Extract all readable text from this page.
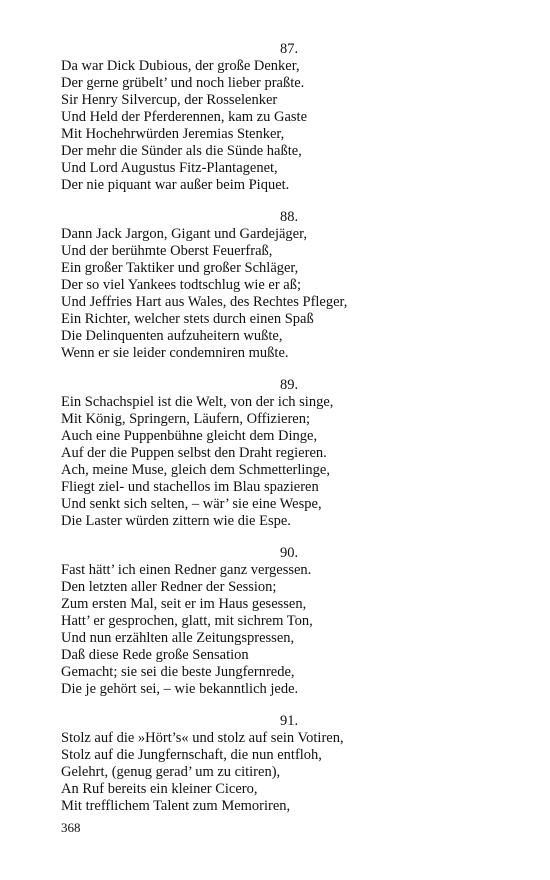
87.
Da war Dick Dubious, der große Denker,
Der gerne grübelt’ und noch lieber praßte.
Sir Henry Silvercup, der Rosselenker
Und Held der Pferderennen, kam zu Gaste
Mit Hochehrwürden Jeremias Stenker,
Der mehr die Sünder als die Sünde haßte,
Und Lord Augustus Fitz-Plantagenet,
Der nie piquant war außer beim Piquet.
88.
Dann Jack Jargon, Gigant und Gardejäger,
Und der berühmte Oberst Feuerfraß,
Ein großer Taktiker und großer Schläger,
Der so viel Yankees todtschlug wie er aß;
Und Jeffries Hart aus Wales, des Rechtes Pfleger,
Ein Richter, welcher stets durch einen Spaß
Die Delinquenten aufzuheitern wußte,
Wenn er sie leider condemniren mußte.
89.
Ein Schachspiel ist die Welt, von der ich singe,
Mit König, Springern, Läufern, Offizieren;
Auch eine Puppenbühne gleicht dem Dinge,
Auf der die Puppen selbst den Draht regieren.
Ach, meine Muse, gleich dem Schmetterlinge,
Fliegt ziel- und stachellos im Blau spazieren
Und senkt sich selten, – wär’ sie eine Wespe,
Die Laster würden zittern wie die Espe.
90.
Fast hätt’ ich einen Redner ganz vergessen.
Den letzten aller Redner der Session;
Zum ersten Mal, seit er im Haus gesessen,
Hatt’ er gesprochen, glatt, mit sichrem Ton,
Und nun erzählten alle Zeitungspressen,
Daß diese Rede große Sensation
Gemacht; sie sei die beste Jungfernrede,
Die je gehört sei, – wie bekanntlich jede.
91.
Stolz auf die »Hört’s« und stolz auf sein Votiren,
Stolz auf die Jungfernschaft, die nun entfloh,
Gelehrt, (genug gerad’ um zu citiren),
An Ruf bereits ein kleiner Cicero,
Mit trefflichem Talent zum Memoriren,
368
